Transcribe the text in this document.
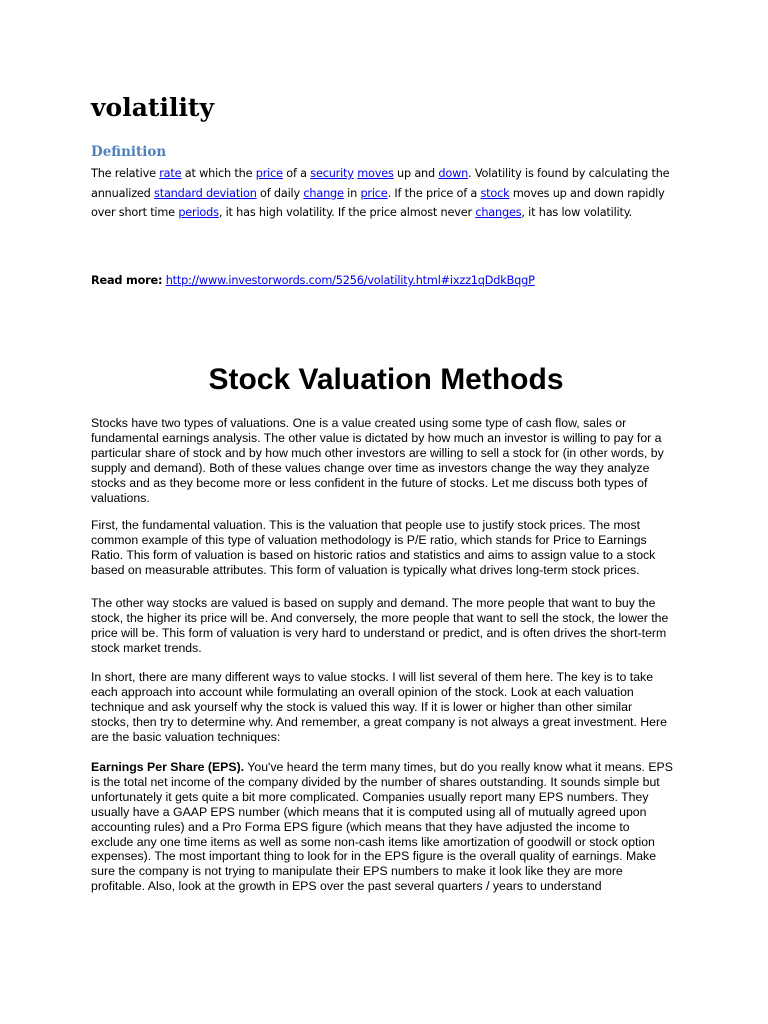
volatility
Definition

The relative rate at which the price of a security moves up and down. Volatility is found by calculating the annualized standard deviation of daily change in price. If the price of a stock moves up and down rapidly over short time periods, it has high volatility. If the price almost never changes, it has low volatility.

Read more: http://www.investorwords.com/5256/volatility.html#ixzz1qDdkBqgP

Stock Valuation Methods

Stocks have two types of valuations. One is a value created using some type of cash flow, sales or fundamental earnings analysis. The other value is dictated by how much an investor is willing to pay for a particular share of stock and by how much other investors are willing to sell a stock for (in other words, by supply and demand). Both of these values change over time as investors change the way they analyze stocks and as they become more or less confident in the future of stocks. Let me discuss both types of valuations.

First, the fundamental valuation. This is the valuation that people use to justify stock prices. The most common example of this type of valuation methodology is P/E ratio, which stands for Price to Earnings Ratio. This form of valuation is based on historic ratios and statistics and aims to assign value to a stock based on measurable attributes. This form of valuation is typically what drives long-term stock prices.

The other way stocks are valued is based on supply and demand. The more people that want to buy the stock, the higher its price will be. And conversely, the more people that want to sell the stock, the lower the price will be. This form of valuation is very hard to understand or predict, and is often drives the short-term stock market trends.

In short, there are many different ways to value stocks. I will list several of them here. The key is to take each approach into account while formulating an overall opinion of the stock. Look at each valuation technique and ask yourself why the stock is valued this way. If it is lower or higher than other similar stocks, then try to determine why. And remember, a great company is not always a great investment. Here are the basic valuation techniques:

Earnings Per Share (EPS). You've heard the term many times, but do you really know what it means. EPS is the total net income of the company divided by the number of shares outstanding. It sounds simple but unfortunately it gets quite a bit more complicated. Companies usually report many EPS numbers. They usually have a GAAP EPS number (which means that it is computed using all of mutually agreed upon accounting rules) and a Pro Forma EPS figure (which means that they have adjusted the income to exclude any one time items as well as some non-cash items like amortization of goodwill or stock option expenses). The most important thing to look for in the EPS figure is the overall quality of earnings. Make sure the company is not trying to manipulate their EPS numbers to make it look like they are more profitable. Also, look at the growth in EPS over the past several quarters / years to understand
